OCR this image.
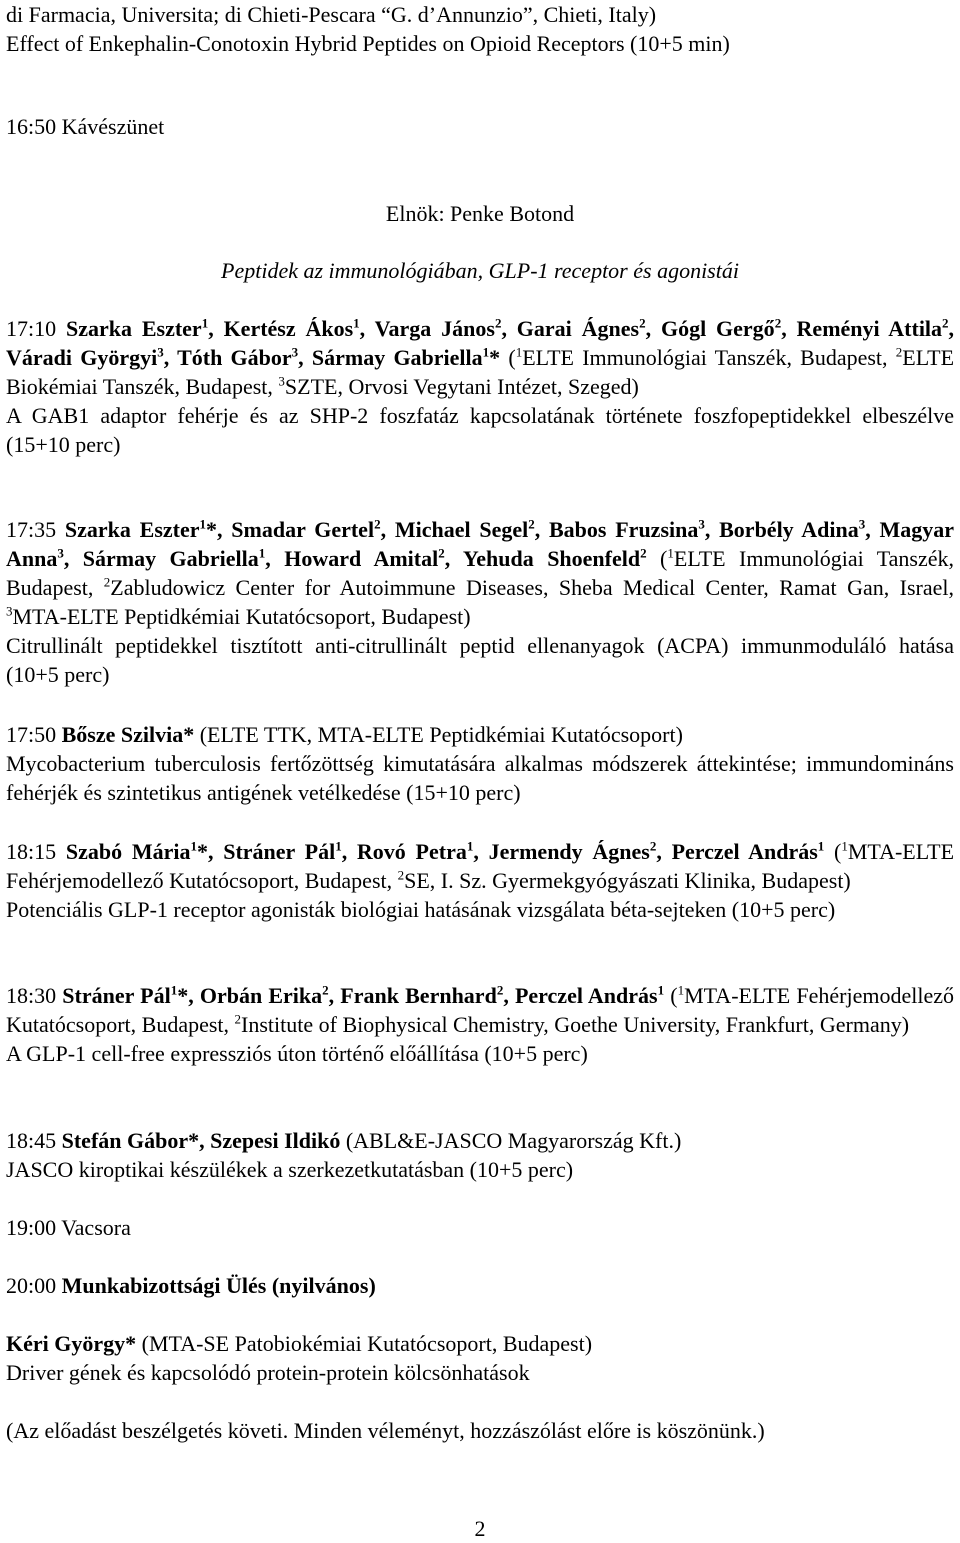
di Farmacia, Universita; di Chieti-Pescara “G. d’Annunzio”, Chieti, Italy)
Effect of Enkephalin-Conotoxin Hybrid Peptides on Opioid Receptors (10+5 min)
16:50 Kávészünet
Elnök: Penke Botond
Peptidek az immunológiában, GLP-1 receptor és agonistái

17:10 Szarka Eszter$^1$, Kertész Ákos$^1$, Varga János$^2$, Garai Ágnes$^2$, Gógl Gergő$^2$, Reményi Attila$^2$, Váradi Györgyi$^3$, Tóth Gábor$^3$, Sármay Gabriella$^1$* ($^1$ELTE Immunológiai Tanszék, Budapest, $^2$ELTE Biokémiai Tanszék, Budapest, $^3$SZTE, Orvosi Vegytani Intézet, Szeged)

A GAB1 adaptor fehérje és az SHP-2 foszfatáz kapcsolatának története foszfopeptidekkel elbeszélve (15+10 perc)

17:35 Szarka Eszter$^1$*, Smadar Gertel$^2$, Michael Segel$^2$, Babos Fruzsina$^3$, Borbély Adina$^3$, Magyar Anna$^3$, Sármay Gabriella$^1$, Howard Amital$^2$, Yehuda Shoenfeld$^2$ ($^1$ELTE Immunológiai Tanszék, Budapest, $^2$Zabludowicz Center for Autoimmune Diseases, Sheba Medical Center, Ramat Gan, Israel, $^3$MTA-ELTE Peptidkémiai Kutatócsoport, Budapest)

Citrullinált peptidekkel tisztított anti-citrullinált peptid ellenanyagok (ACPA) immunmoduláló hatása (10+5 perc)

17:50 Bősze Szilvia* (ELTE TTK, MTA-ELTE Peptidkémiai Kutatócsoport)

Mycobacterium tuberculosis fertőzöttség kimutatására alkalmas módszerek áttekintése; immundomináns fehérjék és szintetikus antigének vetélkedése (15+10 perc)

18:15 Szabó Mária$^1$*, Stráner Pál$^1$, Rovó Petra$^1$, Jermendy Ágnes$^2$, Perczel András$^1$ ($^1$MTA-ELTE Fehérjemodellező Kutatócsoport, Budapest, $^2$SE, I. Sz. Gyermekgyógyászati Klinika, Budapest)

Potenciális GLP-1 receptor agonisták biológiai hatásának vizsgálata béta-sejteken (10+5 perc)

18:30 Stráner Pál$^1$*, Orbán Erika$^2$, Frank Bernhard$^2$, Perczel András$^1$ ($^1$MTA-ELTE Fehérjemodellező Kutatócsoport, Budapest, $^2$Institute of Biophysical Chemistry, Goethe University, Frankfurt, Germany)

A GLP-1 cell-free expressziós úton történő előállítása (10+5 perc)

18:45 Stefán Gábor*, Szepesi Ildikó (ABL&E-JASCO Magyarország Kft.)

JASCO kiroptikai készülékek a szerkezetkutatásban (10+5 perc)

19:00 Vacsora
20:00 Munkabizottsági Ülés (nyilvános)
Kéri György* (MTA-SE Patobiokémiai Kutatócsoport, Budapest)
Driver gének és kapcsolódó protein-protein kölcsönhatások
(Az előadást beszélgetés követi. Minden véleményt, hozzászólást előre is köszönünk.)
2
